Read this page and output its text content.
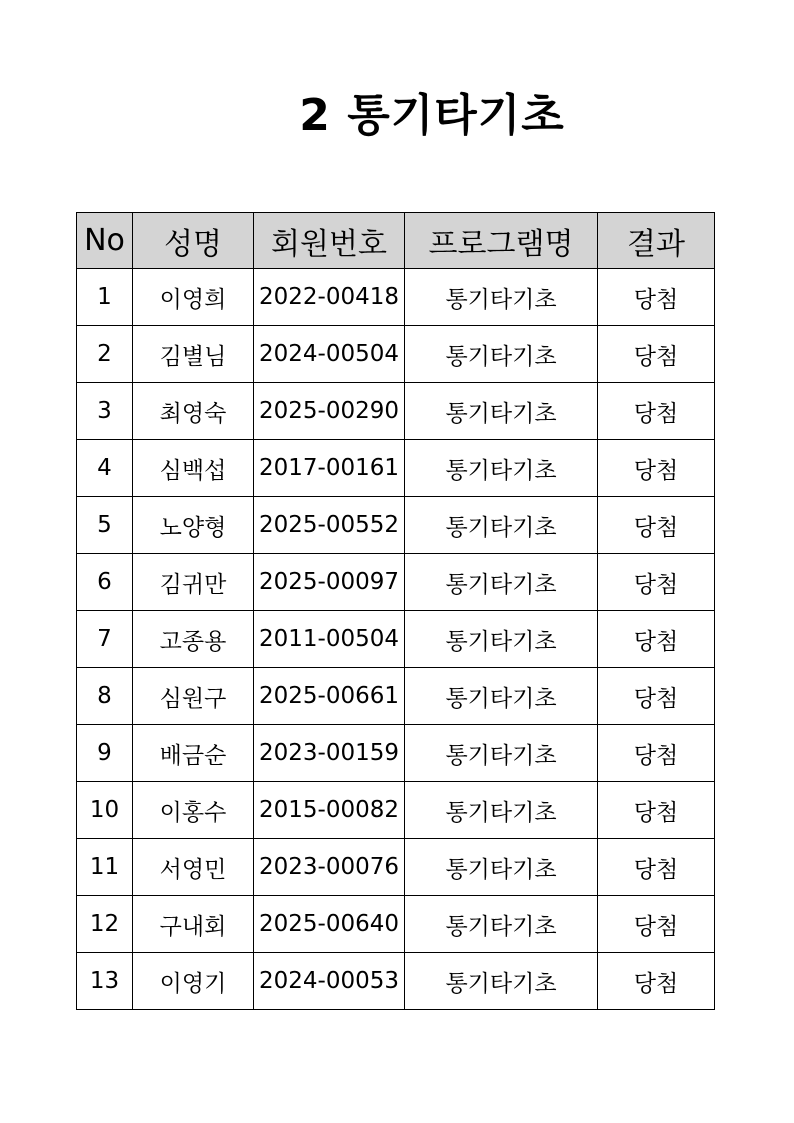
2 통기타기초
No	성명	회원번호	프로그램명	결과
1	이영희	2022-00418	통기타기초	당첨
2	김별님	2024-00504	통기타기초	당첨
3	최영숙	2025-00290	통기타기초	당첨
4	심백섭	2017-00161	통기타기초	당첨
5	노양형	2025-00552	통기타기초	당첨
6	김귀만	2025-00097	통기타기초	당첨
7	고종용	2011-00504	통기타기초	당첨
8	심원구	2025-00661	통기타기초	당첨
9	배금순	2023-00159	통기타기초	당첨
10	이홍수	2015-00082	통기타기초	당첨
11	서영민	2023-00076	통기타기초	당첨
12	구내회	2025-00640	통기타기초	당첨
13	이영기	2024-00053	통기타기초	당첨
